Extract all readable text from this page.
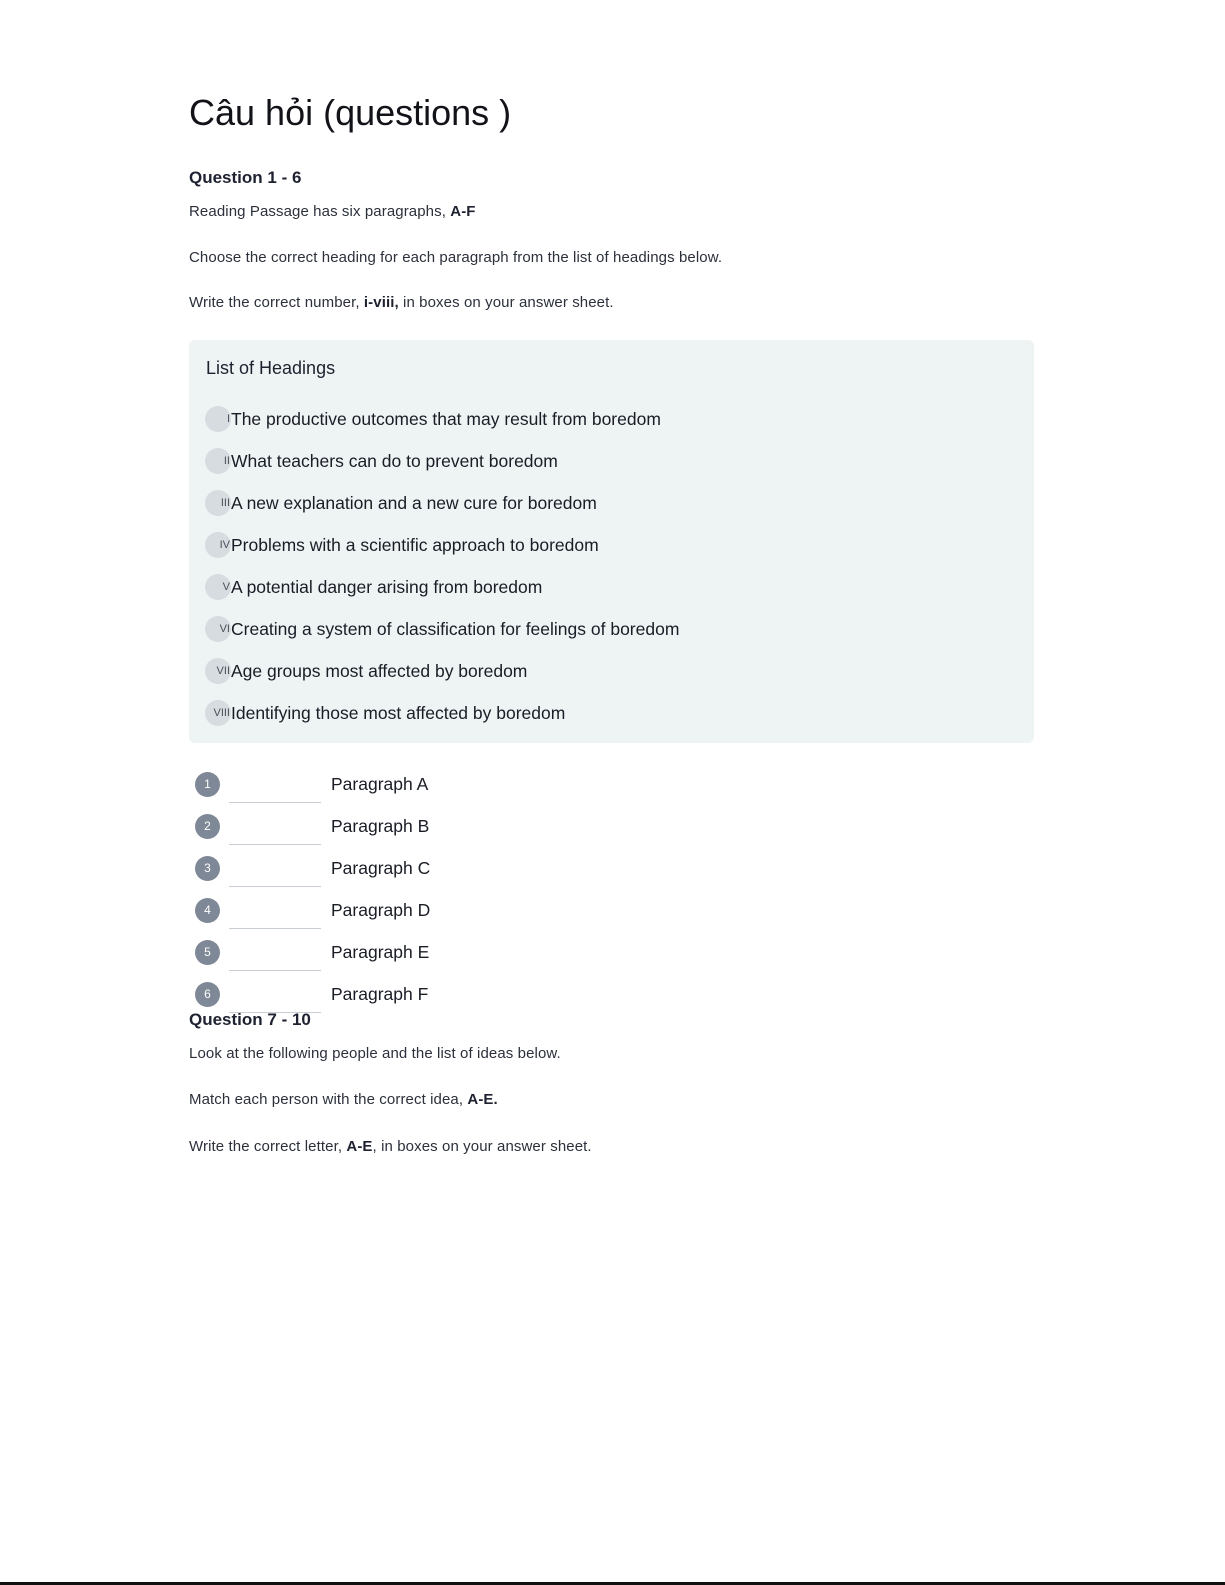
Câu hỏi (questions )
Question 1 - 6

Reading Passage has six paragraphs, A-F

Choose the correct heading for each paragraph from the list of headings below.

Write the correct number, i-viii, in boxes on your answer sheet.

List of Headings
I The productive outcomes that may result from boredom
II What teachers can do to prevent boredom
III A new explanation and a new cure for boredom
IV Problems with a scientific approach to boredom
V A potential danger arising from boredom
VI Creating a system of classification for feelings of boredom
VII Age groups most affected by boredom
VIII Identifying those most affected by boredom
1	Paragraph A
2	Paragraph B
3	Paragraph C
4	Paragraph D
5	Paragraph E
6	Paragraph F
Question 7 - 10

Look at the following people and the list of ideas below.

Match each person with the correct idea, A-E.

Write the correct letter, A-E, in boxes on your answer sheet.
